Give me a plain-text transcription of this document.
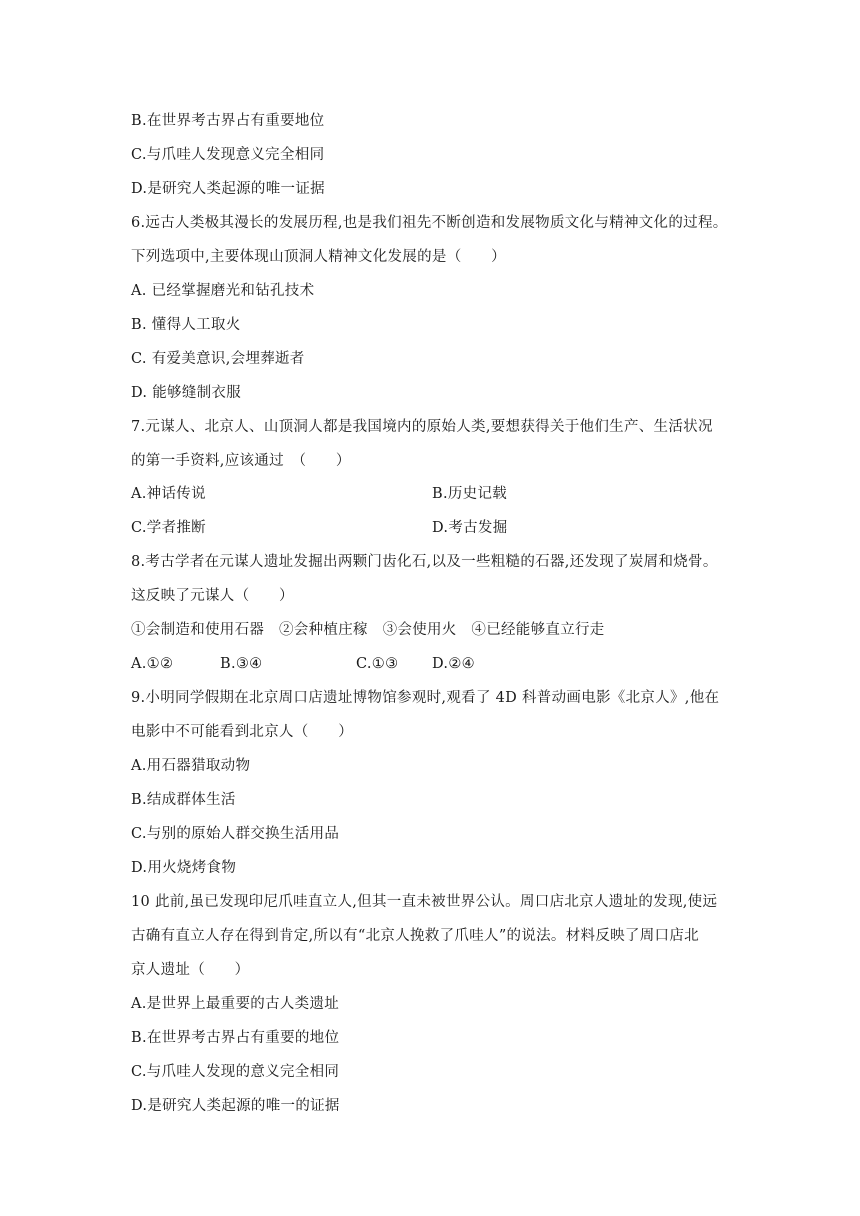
B.在世界考古界占有重要地位
C.与爪哇人发现意义完全相同
D.是研究人类起源的唯一证据
6.远古人类极其漫长的发展历程,也是我们祖先不断创造和发展物质文化与精神文化的过程。
下列选项中,主要体现山顶洞人精神文化发展的是（　　）
A. 已经掌握磨光和钻孔技术
B. 懂得人工取火
C. 有爱美意识,会埋葬逝者
D. 能够缝制衣服
7.元谋人、北京人、山顶洞人都是我国境内的原始人类,要想获得关于他们生产、生活状况
的第一手资料,应该通过　（　　）
A.神话传说	B.历史记载
C.学者推断	D.考古发掘
8.考古学者在元谋人遗址发掘出两颗门齿化石,以及一些粗糙的石器,还发现了炭屑和烧骨。
这反映了元谋人（　　）
①会制造和使用石器　②会种植庄稼　③会使用火　④已经能够直立行走
A.①②	B.③④	C.①③ D.②④
9.小明同学假期在北京周口店遗址博物馆参观时,观看了 4D 科普动画电影《北京人》,他在
电影中不可能看到北京人（　　）
A.用石器猎取动物
B.结成群体生活
C.与别的原始人群交换生活用品
D.用火烧烤食物
10 此前,虽已发现印尼爪哇直立人,但其一直未被世界公认。周口店北京人遗址的发现,使远
古确有直立人存在得到肯定,所以有“北京人挽救了爪哇人”的说法。材料反映了周口店北
京人遗址（　　）
A.是世界上最重要的古人类遗址
B.在世界考古界占有重要的地位
C.与爪哇人发现的意义完全相同
D.是研究人类起源的唯一的证据
